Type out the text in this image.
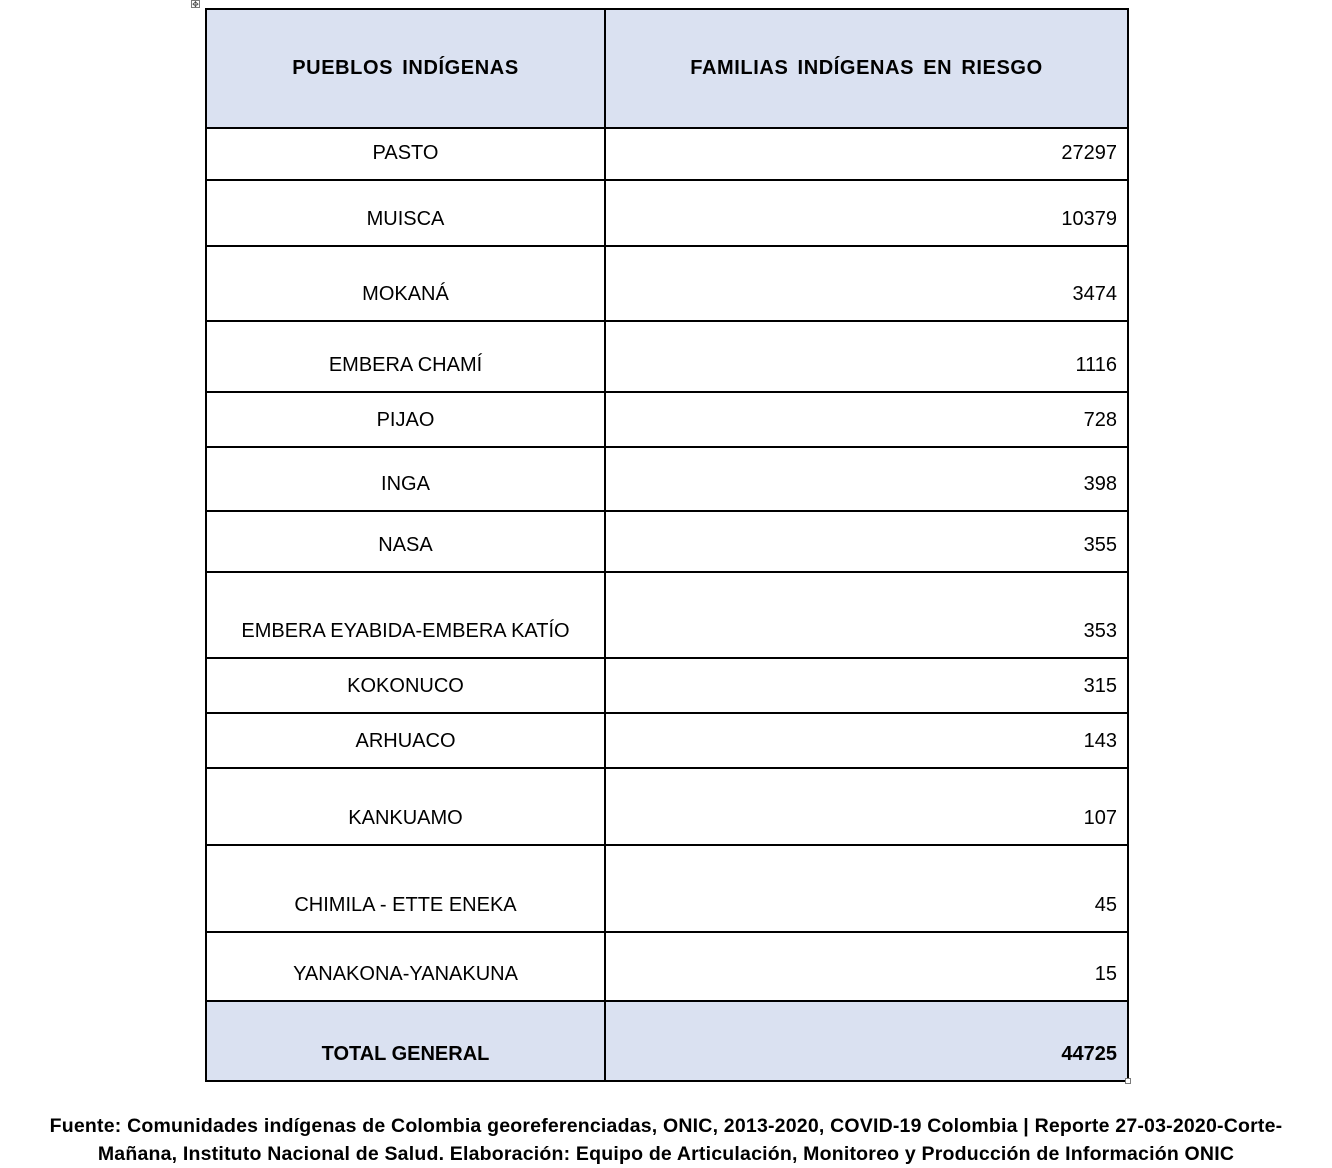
✥
PUEBLOS INDÍGENAS	FAMILIAS INDÍGENAS EN RIESGO
PASTO	27297
MUISCA	10379
MOKANÁ	3474
EMBERA CHAMÍ	1116
PIJAO	728
INGA	398
NASA	355
EMBERA EYABIDA-EMBERA KATÍO	353
KOKONUCO	315
ARHUACO	143
KANKUAMO	107
CHIMILA - ETTE ENEKA	45
YANAKONA-YANAKUNA	15
TOTAL GENERAL	44725
Fuente: Comunidades indígenas de Colombia georeferenciadas, ONIC, 2013-2020, COVID-19 Colombia | Reporte 27-03-2020-Corte-
Mañana, Instituto Nacional de Salud. Elaboración: Equipo de Articulación, Monitoreo y Producción de Información ONIC
